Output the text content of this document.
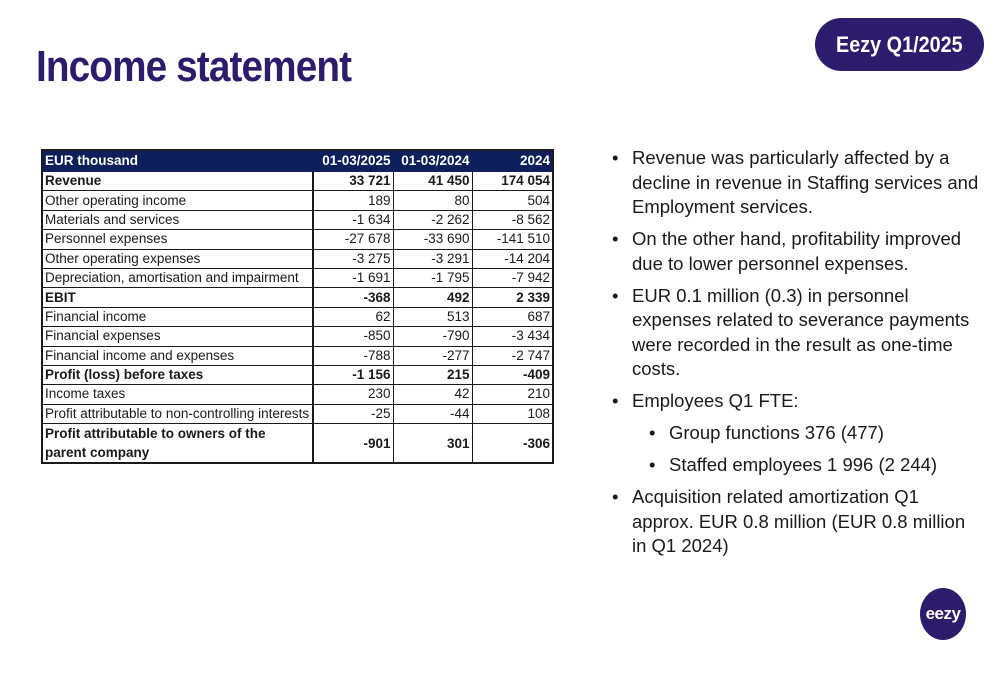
Income statement	Eezy Q1/2025
EUR thousand	01-03/2025	01-03/2024	2024
Revenue	33 721	41 450	174 054
Other operating income	189	80	504
Materials and services	-1 634	-2 262	-8 562
Personnel expenses	-27 678	-33 690	-141 510
Other operating expenses	-3 275	-3 291	-14 204
Depreciation, amortisation and impairment	-1 691	-1 795	-7 942
EBIT	-368	492	2 339
Financial income	62	513	687
Financial expenses	-850	-790	-3 434
Financial income and expenses	-788	-277	-2 747
Profit (loss) before taxes	-1 156	215	-409
Income taxes	230	42	210
Profit attributable to non-controlling interests	-25	-44	108
Profit attributable to owners of the parent company	-901	301	-306
• Revenue was particularly affected by a decline in revenue in Staffing services and Employment services.
• On the other hand, profitability improved due to lower personnel expenses.
• EUR 0.1 million (0.3) in personnel expenses related to severance payments were recorded in the result as one-time costs.
• Employees Q1 FTE:
• Group functions 376 (477)
• Staffed employees 1 996 (2 244)
• Acquisition related amortization Q1 approx. EUR 0.8 million (EUR 0.8 million in Q1 2024)
eezy
